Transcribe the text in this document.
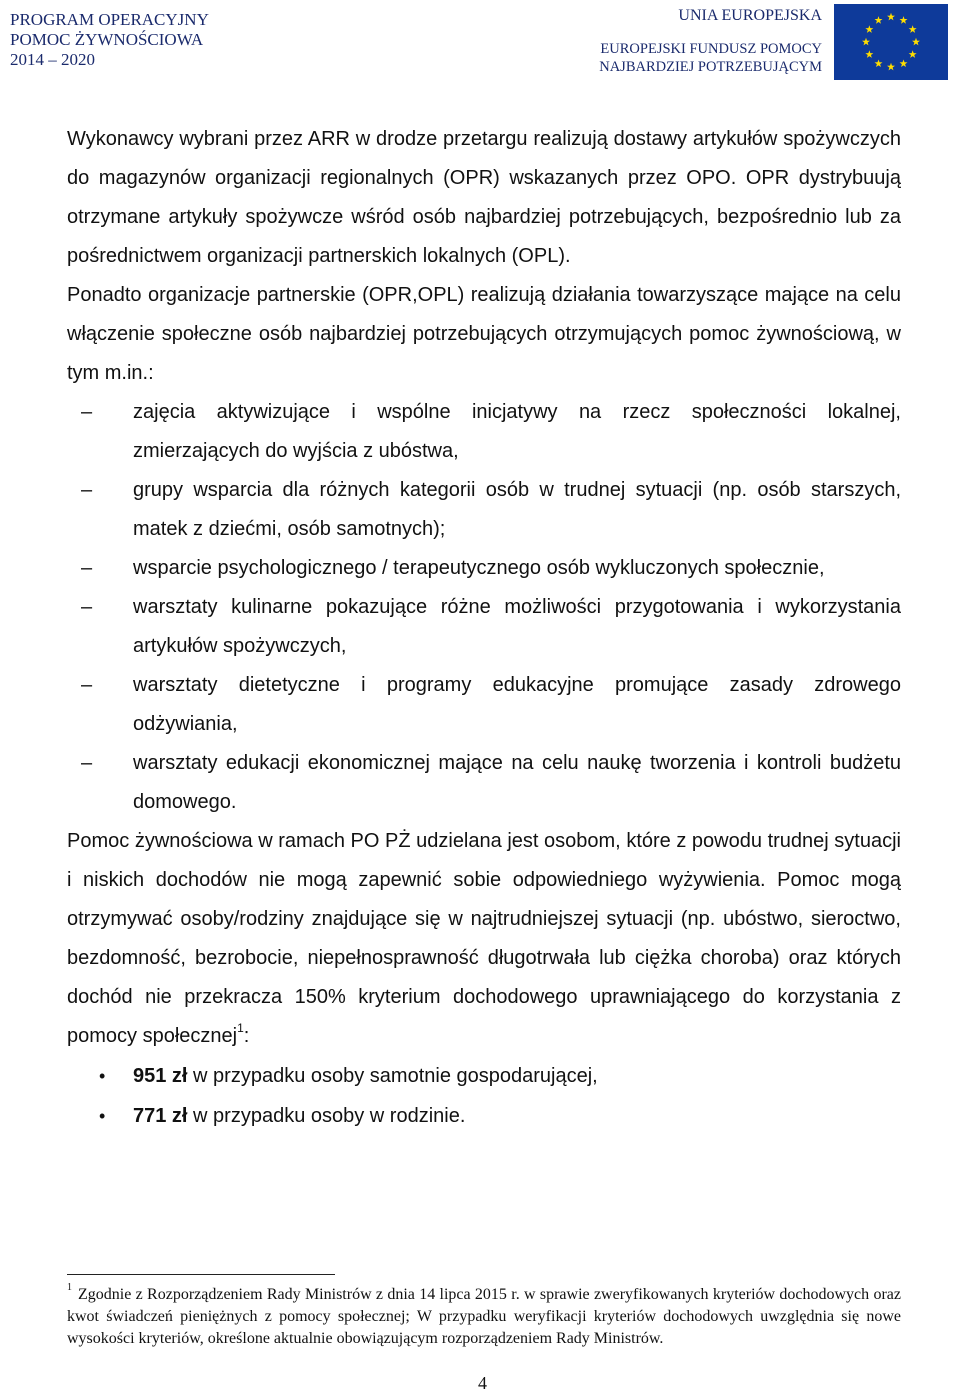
PROGRAM OPERACYJNY
POMOC ŻYWNOŚCIOWA
2014 – 2020
UNIA EUROPEJSKA
EUROPEJSKI FUNDUSZ POMOCY
NAJBARDZIEJ POTRZEBUJĄCYM

Wykonawcy wybrani przez ARR w drodze przetargu realizują dostawy artykułów spożywczych do magazynów organizacji regionalnych (OPR) wskazanych przez OPO. OPR dystrybuują otrzymane artykuły spożywcze wśród osób najbardziej potrzebujących, bezpośrednio lub za pośrednictwem organizacji partnerskich lokalnych (OPL).

Ponadto organizacje partnerskie (OPR,OPL) realizują działania towarzyszące mające na celu włączenie społeczne osób najbardziej potrzebujących otrzymujących pomoc żywnościową, w tym m.in.:

– zajęcia aktywizujące i wspólne inicjatywy na rzecz społeczności lokalnej, zmierzających do wyjścia z ubóstwa,
– grupy wsparcia dla różnych kategorii osób w trudnej sytuacji (np. osób starszych, matek z dziećmi, osób samotnych);
– wsparcie psychologicznego / terapeutycznego osób wykluczonych społecznie,
– warsztaty kulinarne pokazujące różne możliwości przygotowania i wykorzystania artykułów spożywczych,
– warsztaty dietetyczne i programy edukacyjne promujące zasady zdrowego odżywiania,
– warsztaty edukacji ekonomicznej mające na celu naukę tworzenia i kontroli budżetu domowego.

Pomoc żywnościowa w ramach PO PŻ udzielana jest osobom, które z powodu trudnej sytuacji i niskich dochodów nie mogą zapewnić sobie odpowiedniego wyżywienia. Pomoc mogą otrzymywać osoby/rodziny znajdujące się w najtrudniejszej sytuacji (np. ubóstwo, sieroctwo, bezdomność, bezrobocie, niepełnosprawność długotrwała lub ciężka choroba) oraz których dochód nie przekracza 150% kryterium dochodowego uprawniającego do korzystania z pomocy społecznej$^1$:

• 951 zł w przypadku osoby samotnie gospodarującej,
• 771 zł w przypadku osoby w rodzinie.
$^1$ Zgodnie z Rozporządzeniem Rady Ministrów z dnia 14 lipca 2015 r. w sprawie zweryfikowanych kryteriów dochodowych oraz kwot świadczeń pieniężnych z pomocy społecznej; W przypadku weryfikacji kryteriów dochodowych uwzględnia się nowe wysokości kryteriów, określone aktualnie obowiązującym rozporządzeniem Rady Ministrów.
4
